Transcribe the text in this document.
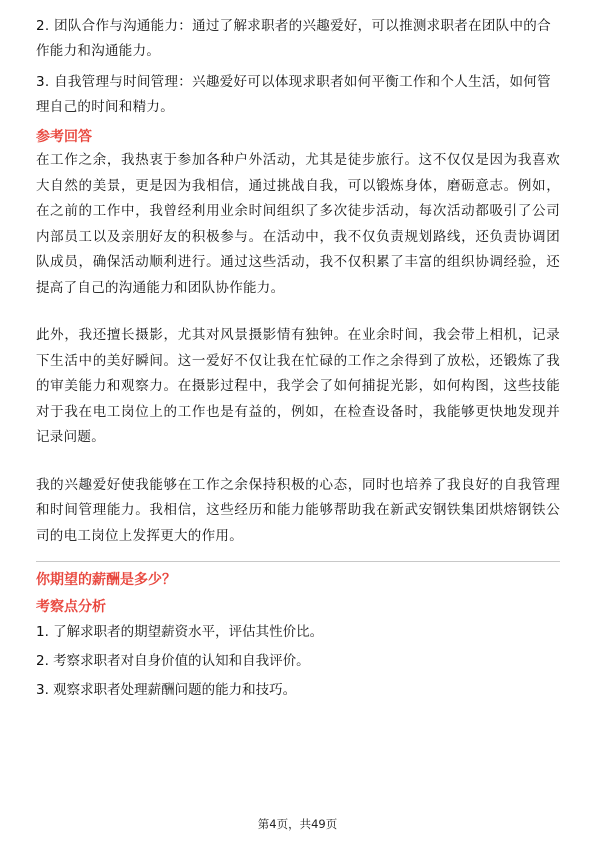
2. 团队合作与沟通能力：通过了解求职者的兴趣爱好，可以推测求职者在团队中的合作能力和沟通能力。

3. 自我管理与时间管理：兴趣爱好可以体现求职者如何平衡工作和个人生活，如何管理自己的时间和精力。

参考回答

在工作之余，我热衷于参加各种户外活动，尤其是徒步旅行。这不仅仅是因为我喜欢大自然的美景，更是因为我相信，通过挑战自我，可以锻炼身体，磨砺意志。例如，在之前的工作中，我曾经利用业余时间组织了多次徒步活动，每次活动都吸引了公司内部员工以及亲朋好友的积极参与。在活动中，我不仅负责规划路线，还负责协调团队成员，确保活动顺利进行。通过这些活动，我不仅积累了丰富的组织协调经验，还提高了自己的沟通能力和团队协作能力。

此外，我还擅长摄影，尤其对风景摄影情有独钟。在业余时间，我会带上相机，记录下生活中的美好瞬间。这一爱好不仅让我在忙碌的工作之余得到了放松，还锻炼了我的审美能力和观察力。在摄影过程中，我学会了如何捕捉光影，如何构图，这些技能对于我在电工岗位上的工作也是有益的，例如，在检查设备时，我能够更快地发现并记录问题。

我的兴趣爱好使我能够在工作之余保持积极的心态，同时也培养了我良好的自我管理和时间管理能力。我相信，这些经历和能力能够帮助我在新武安钢铁集团烘熔钢铁公司的电工岗位上发挥更大的作用。

你期望的薪酬是多少？

考察点分析

1. 了解求职者的期望薪资水平，评估其性价比。

2. 考察求职者对自身价值的认知和自我评价。

3. 观察求职者处理薪酬问题的能力和技巧。

第4页，共49页
